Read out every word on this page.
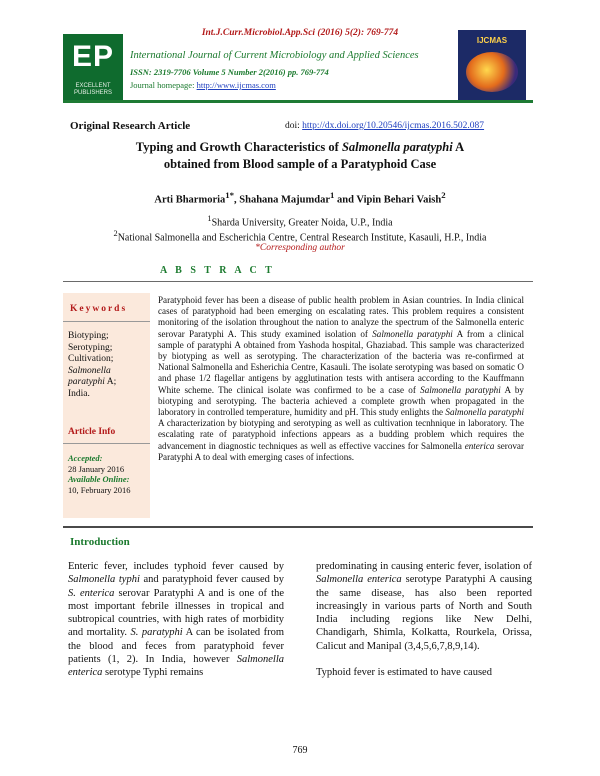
Int.J.Curr.Microbiol.App.Sci (2016) 5(2): 769-774
EP
EXCELLENT PUBLISHERS
International Journal of Current Microbiology and Applied Sciences
ISSN: 2319-7706 Volume 5 Number 2(2016) pp. 769-774
Journal homepage: http://www.ijcmas.com
IJCMAS
Original Research Article	doi: http://dx.doi.org/10.20546/ijcmas.2016.502.087
Typing and Growth Characteristics of Salmonella paratyphi A
obtained from Blood sample of a Paratyphoid Case
Arti Bharmoria$^{1*}$, Shahana Majumdar$^1$ and Vipin Behari Vaish$^2$
$^1$Sharda University, Greater Noida, U.P., India
$^2$National Salmonella and Escherichia Centre, Central Research Institute, Kasauli, H.P., India
*Corresponding author
A B S T R A C T
Keywords
Biotyping;
Serotyping;
Cultivation;
Salmonella
paratyphi A;
India.
Article Info
Accepted:
28 January 2016
Available Online:
10, February 2016
Paratyphoid fever has been a disease of public health problem in Asian countries. In India clinical cases of paratyphoid had been emerging on escalating rates. This problem requires a consistent monitoring of the isolation throughout the nation to analyze the spectrum of the Salmonella enteric serovar Paratyphi A. This study examined isolation of Salmonella paratyphi A from a clinical sample of paratyphi A obtained from Yashoda hospital, Ghaziabad. This sample was characterized by biotyping as well as serotyping. The characterization of the bacteria was re-confirmed at National Salmonella and Esherichia Centre, Kasauli. The isolate serotyping was based on somatic O and phase 1/2 flagellar antigens by agglutination tests with antisera according to the Kauffmann White scheme. The clinical isolate was confirmed to be a case of Salmonella paratyphi A by biotyping and serotyping. The bacteria achieved a complete growth when propagated in the laboratory in controlled temperature, humidity and pH. This study enlights the Salmonella paratyphi A characterization by biotyping and serotyping as well as cultivation tecnhnique in laboratory. The escalating rate of paratyphoid infections appears as a budding problem which requires the advancement in diagnostic techniques as well as effective vaccines for Salmonella enterica serovar Paratyphi A to deal with emerging cases of infections.
Introduction
Enteric fever, includes typhoid fever caused by Salmonella typhi and paratyphoid fever caused by S. enterica serovar Paratyphi A and is one of the most important febrile illnesses in tropical and subtropical countries, with high rates of morbidity and mortality. S. paratyphi A can be isolated from the blood and feces from paratyphoid fever patients (1, 2). In India, however Salmonella enterica serotype Typhi remains
predominating in causing enteric fever, isolation of Salmonella enterica serotype Paratyphi A causing the same disease, has also been reported increasingly in various parts of North and South India including regions like New Delhi, Chandigarh, Shimla, Kolkatta, Rourkela, Orissa, Calicut and Manipal (3,4,5,6,7,8,9,14).
Typhoid fever is estimated to have caused
769
